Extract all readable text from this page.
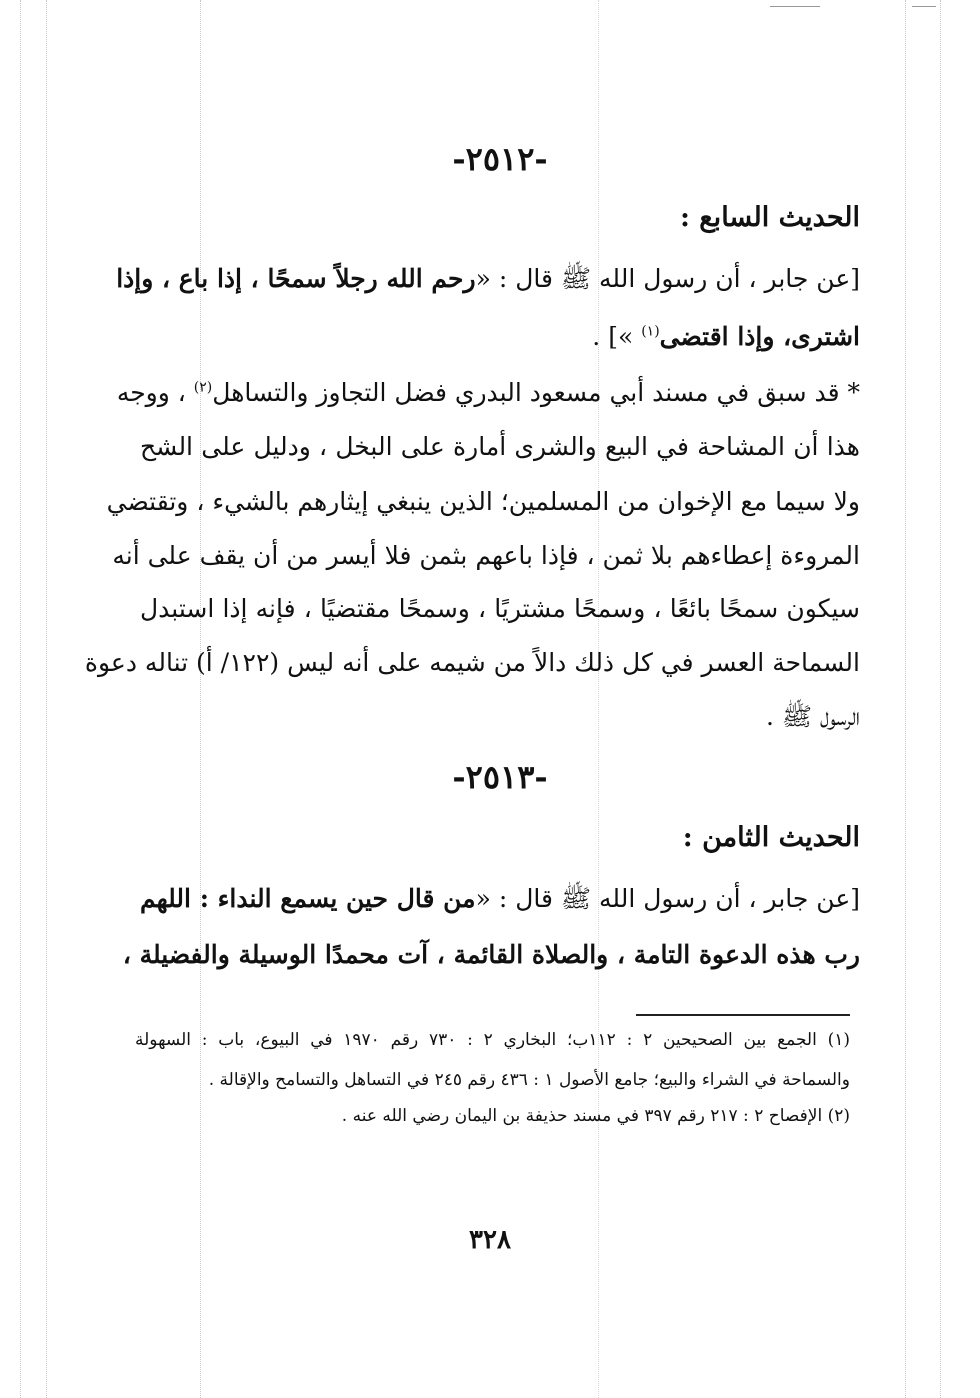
-٢٥١٢-
الحديث السابع :
[عن جابر ، أن رسول الله ﷺ قال : «رحم الله رجلاً سمحًا ، إذا باع ، وإذا
اشترى، وإذا اقتضى$^{(١)}$ »] .
* قد سبق في مسند أبي مسعود البدري فضل التجاوز والتساهل$^{(٢)}$ ، ووجه
هذا أن المشاحة في البيع والشرى أمارة على البخل ، ودليل على الشح
ولا سيما مع الإخوان من المسلمين؛ الذين ينبغي إيثارهم بالشيء ، وتقتضي
المروءة إعطاءهم بلا ثمن ، فإذا باعهم بثمن فلا أيسر من أن يقف على أنه
سيكون سمحًا بائعًا ، وسمحًا مشتريًا ، وسمحًا مقتضيًا ، فإنه إذا استبدل
السماحة العسر في كل ذلك دالاً من شيمه على أنه ليس (١٢٢/ أ) تناله دعوة
الرسول ﷺ .
-٢٥١٣-
الحديث الثامن :
[عن جابر ، أن رسول الله ﷺ قال : «من قال حين يسمع النداء : اللهم
رب هذه الدعوة التامة ، والصلاة القائمة ، آت محمدًا الوسيلة والفضيلة ،
(١) الجمع بين الصحيحين ٢ : ١١٢ب؛ البخاري ٢ : ٧٣٠ رقم ١٩٧٠ في البيوع، باب : السهولة
والسماحة في الشراء والبيع؛ جامع الأصول ١ : ٤٣٦ رقم ٢٤٥ في التساهل والتسامح والإقالة .
(٢) الإفصاح ٢ : ٢١٧ رقم ٣٩٧ في مسند حذيفة بن اليمان رضي الله عنه .
٣٢٨
